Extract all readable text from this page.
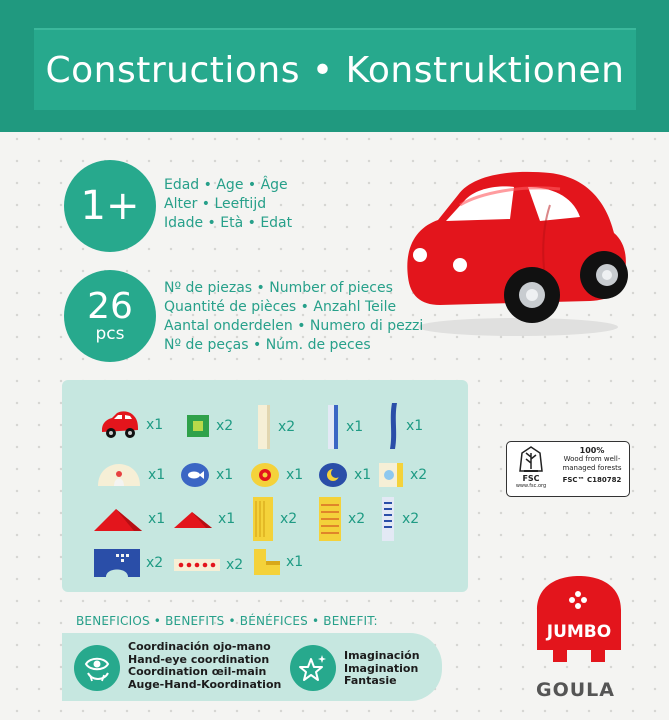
Constructions • Konstruktionen
1+ Edad • Age • Âge
Alter • Leeftijd
Idade • Età • Edat
26
pcs
Nº de piezas • Number of pieces
Quantité de pièces • Anzahl Teile
Aantal onderdelen • Numero di pezzi
Nº de peças • Núm. de peces
x1	x2	x2	x1	x1
x1	x1	x1	x1	x2
x1	x1	x2	x2	x2
x2	x2	x1
FSC
www.fsc.org
100%
Wood from well-
managed forests
FSC™ C180782
BENEFICIOS • BENEFITS • BÉNÉFICES • BENEFIT:
Coordinación ojo-mano
Hand-eye coordination
Coordination œil-main
Auge-Hand-Koordination
Imaginación
Imagination
Fantasie
JUMBO
GOULA
